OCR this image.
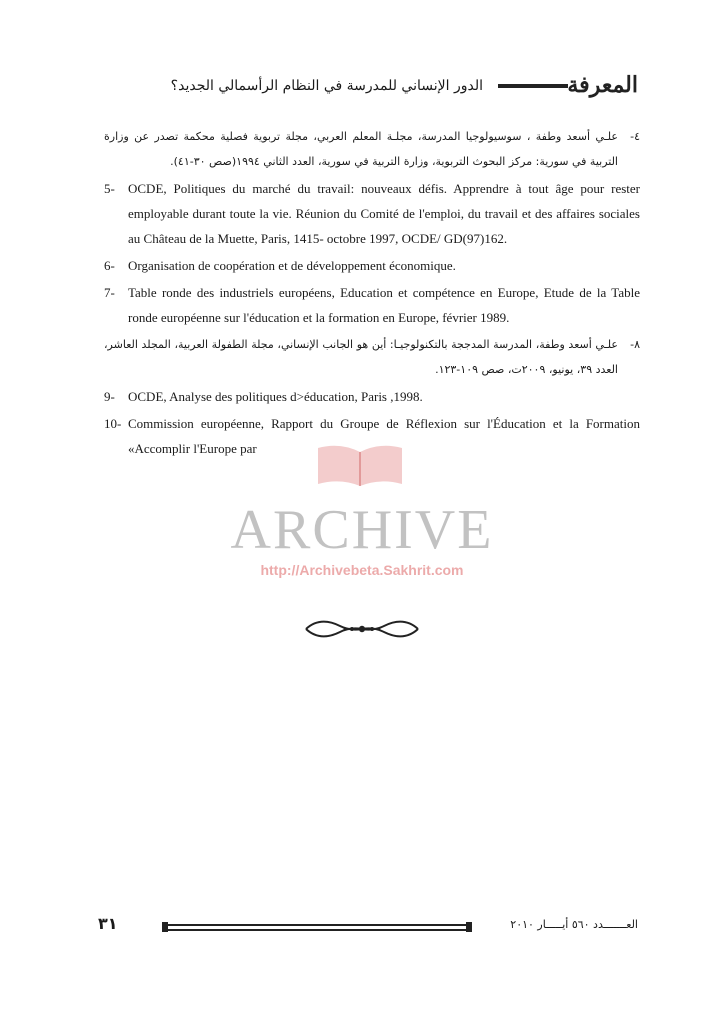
المعرفة
الدور الإنساني للمدرسة في النظام الرأسمالي الجديد؟
٤-
علـي أسعد وطفة ، سوسيولوجيا المدرسة، مجلـة المعلم العربي، مجلة تربوية فصلية محكمة تصدر عن وزارة التربية في سورية: مركز البحوث التربوية، وزارة التربية في سورية، العدد الثاني ١٩٩٤(صص ٣٠-٤١).
5- OCDE, Politiques du marché du travail: nouveaux défis. Apprendre à tout âge pour rester employable durant toute la vie. Réunion du Comité de l'emploi, du travail et des affaires sociales au Château de la Muette, Paris, 1415- octobre 1997, OCDE/ GD(97)162.
6- Organisation de coopération et de développement économique.
7- Table ronde des industriels européens, Education et compétence en Europe, Etude de la Table ronde européenne sur l'éducation et la formation en Europe, février 1989.
٨-
علـي أسعد وطفة، المدرسة المدججة بالتكنولوجيـا: أين هو الجانب الإنساني، مجلة الطفولة العربية، المجلد العاشر، العدد ٣٩، يونيو، ٢٠٠٩ت، صص ١٠٩-١٢٣.
9- OCDE, Analyse des politiques d>éducation, Paris ,1998.
10- Commission européenne, Rapport du Groupe de Réflexion sur l'Éducation et la Formation «Accomplir l'Europe par
ARCHIVE
http://Archivebeta.Sakhrit.com
٣١	العـــــــدد ٥٦٠ أيـــــار ٢٠١٠
